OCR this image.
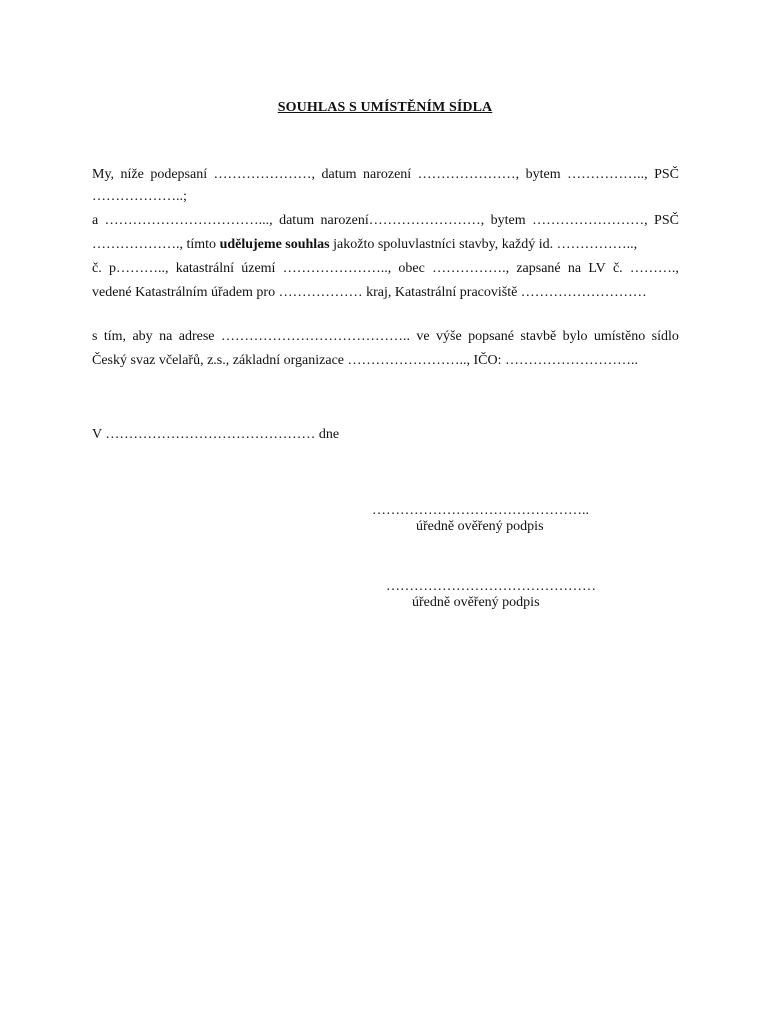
SOUHLAS S UMÍSTĚNÍM SÍDLA
My, níže podepsaní …………………, datum narození …………………, bytem …………….., PSČ
………………..;
a ……………………………..., datum narození……………………, bytem ……………………, PSČ
………………., tímto udělujeme souhlas jakožto spoluvlastníci stavby, každý id. ……………..,
č. p……….., katastrální území ………………….., obec ……………., zapsané na LV č. ……….,
vedené Katastrálním úřadem pro ……………… kraj, Katastrální pracoviště ………………………
s tím, aby na adrese ………………………………….. ve výše popsané stavbě bylo umístěno sídlo
Český svaz včelařů, z.s., základní organizace …………………….., IČO: ………………………..
V ……………………………………… dne
………………………………………..
úředně ověřený podpis
………………………………………
úředně ověřený podpis
